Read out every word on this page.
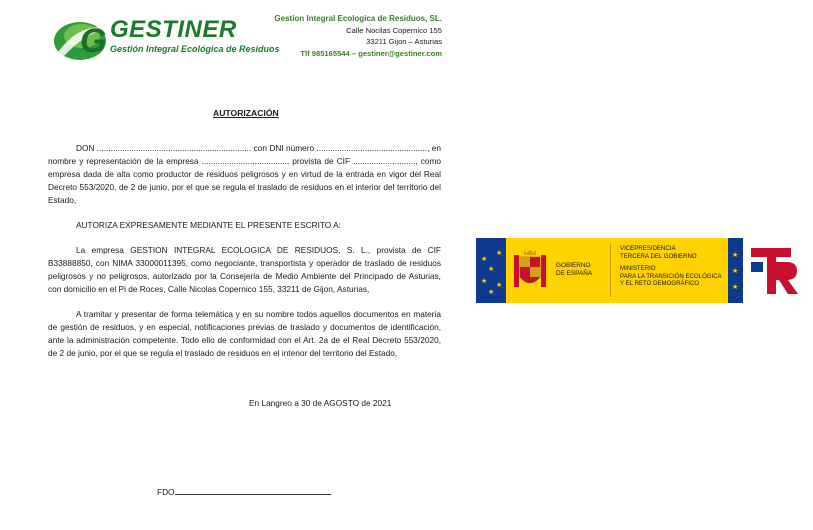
G GESTINER
Gestión Integral Ecológica de Residuos
Gestion Integral Ecologica de Residuos, SL.
Calle Nocilas Copernico 155
33211 Gijon – Asturias
Tlf 985165544 – gestiner@gestiner.com
AUTORIZACIÓN
DON ................................................................... con DNI número ................................................, en nombre y representación de la empresa ....................................., provista de CIF ..........................., como empresa dada de alta como productor de residuos peligrosos y en virtud de la entrada en vigor del Real Decreto 553/2020, de 2 de junio, por el que se regula el traslado de residuos en el interior del territorio del Estado,
AUTORIZA EXPRESAMENTE MEDIANTE EL PRESENTE ESCRITO A:
La empresa GESTION INTEGRAL ECOLOGICA DE RESIDUOS, S. L., provista de CIF B33888850, con NIMA 33000011395, como negociante, transportista y operador de traslado de residuos peligrosos y no peligrosos, autorizado por la Consejeria de Medio Ambiente del Principado de Asturias, con domicilio en el Pi de Roces, Calle Nicolas Copernico 155, 33211 de Gijon, Asturias,
A tramitar y presentar de forma telemática y en su nombre todos aquellos documentos en materia de gestión de residuos, y en especial, notificaciones previas de traslado y documentos de identificación, ante la administración competente. Todo ello de conformidad con el Art. 2a de el Real Decreto 553/2020, de 2 de junio, por el que se regula el traslado de residuos en el interior del territorio del Estado,
En Langreo a 30 de AGOSTO de 2021
FDO
★
★
★
★
★
★
GOBIERNO
DE ESPAÑA
VICEPRESIDENCIA
TERCERA DEL GOBIERNO
MINISTERIO
PARA LA TRANSICIÓN ECOLÓGICA
Y EL RETO DEMOGRÁFICO
★
★
★
